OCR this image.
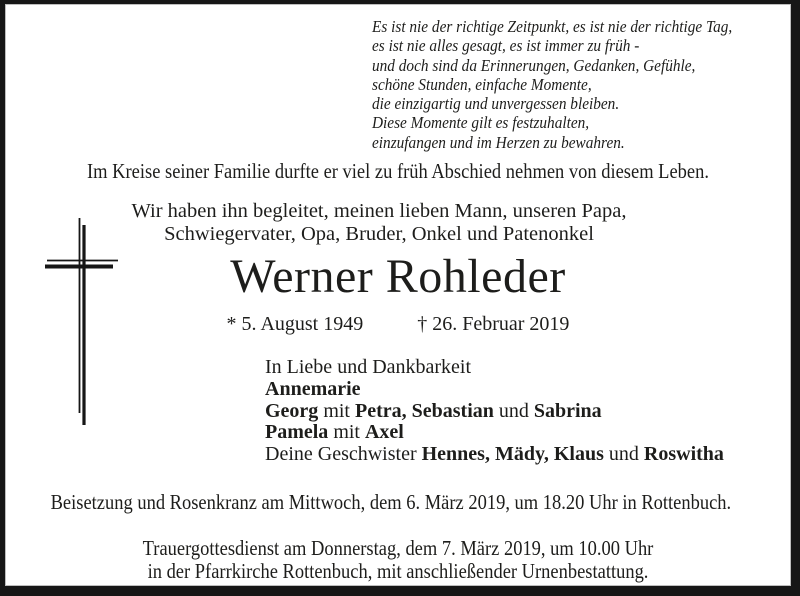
Es ist nie der richtige Zeitpunkt, es ist nie der richtige Tag,
es ist nie alles gesagt, es ist immer zu früh -
und doch sind da Erinnerungen, Gedanken, Gefühle,
schöne Stunden, einfache Momente,
die einzigartig und unvergessen bleiben.
Diese Momente gilt es festzuhalten,
einzufangen und im Herzen zu bewahren.
Im Kreise seiner Familie durfte er viel zu früh Abschied nehmen von diesem Leben.
Wir haben ihn begleitet, meinen lieben Mann, unseren Papa,
Schwiegervater, Opa, Bruder, Onkel und Patenonkel
Werner Rohleder
* 5. August 1949	† 26. Februar 2019
In Liebe und Dankbarkeit
Annemarie
Georg mit Petra, Sebastian und Sabrina
Pamela mit Axel
Deine Geschwister Hennes, Mädy, Klaus und Roswitha
Beisetzung und Rosenkranz am Mittwoch, dem 6. März 2019, um 18.20 Uhr in Rottenbuch.
Trauergottesdienst am Donnerstag, dem 7. März 2019, um 10.00 Uhr
in der Pfarrkirche Rottenbuch, mit anschließender Urnenbestattung.
